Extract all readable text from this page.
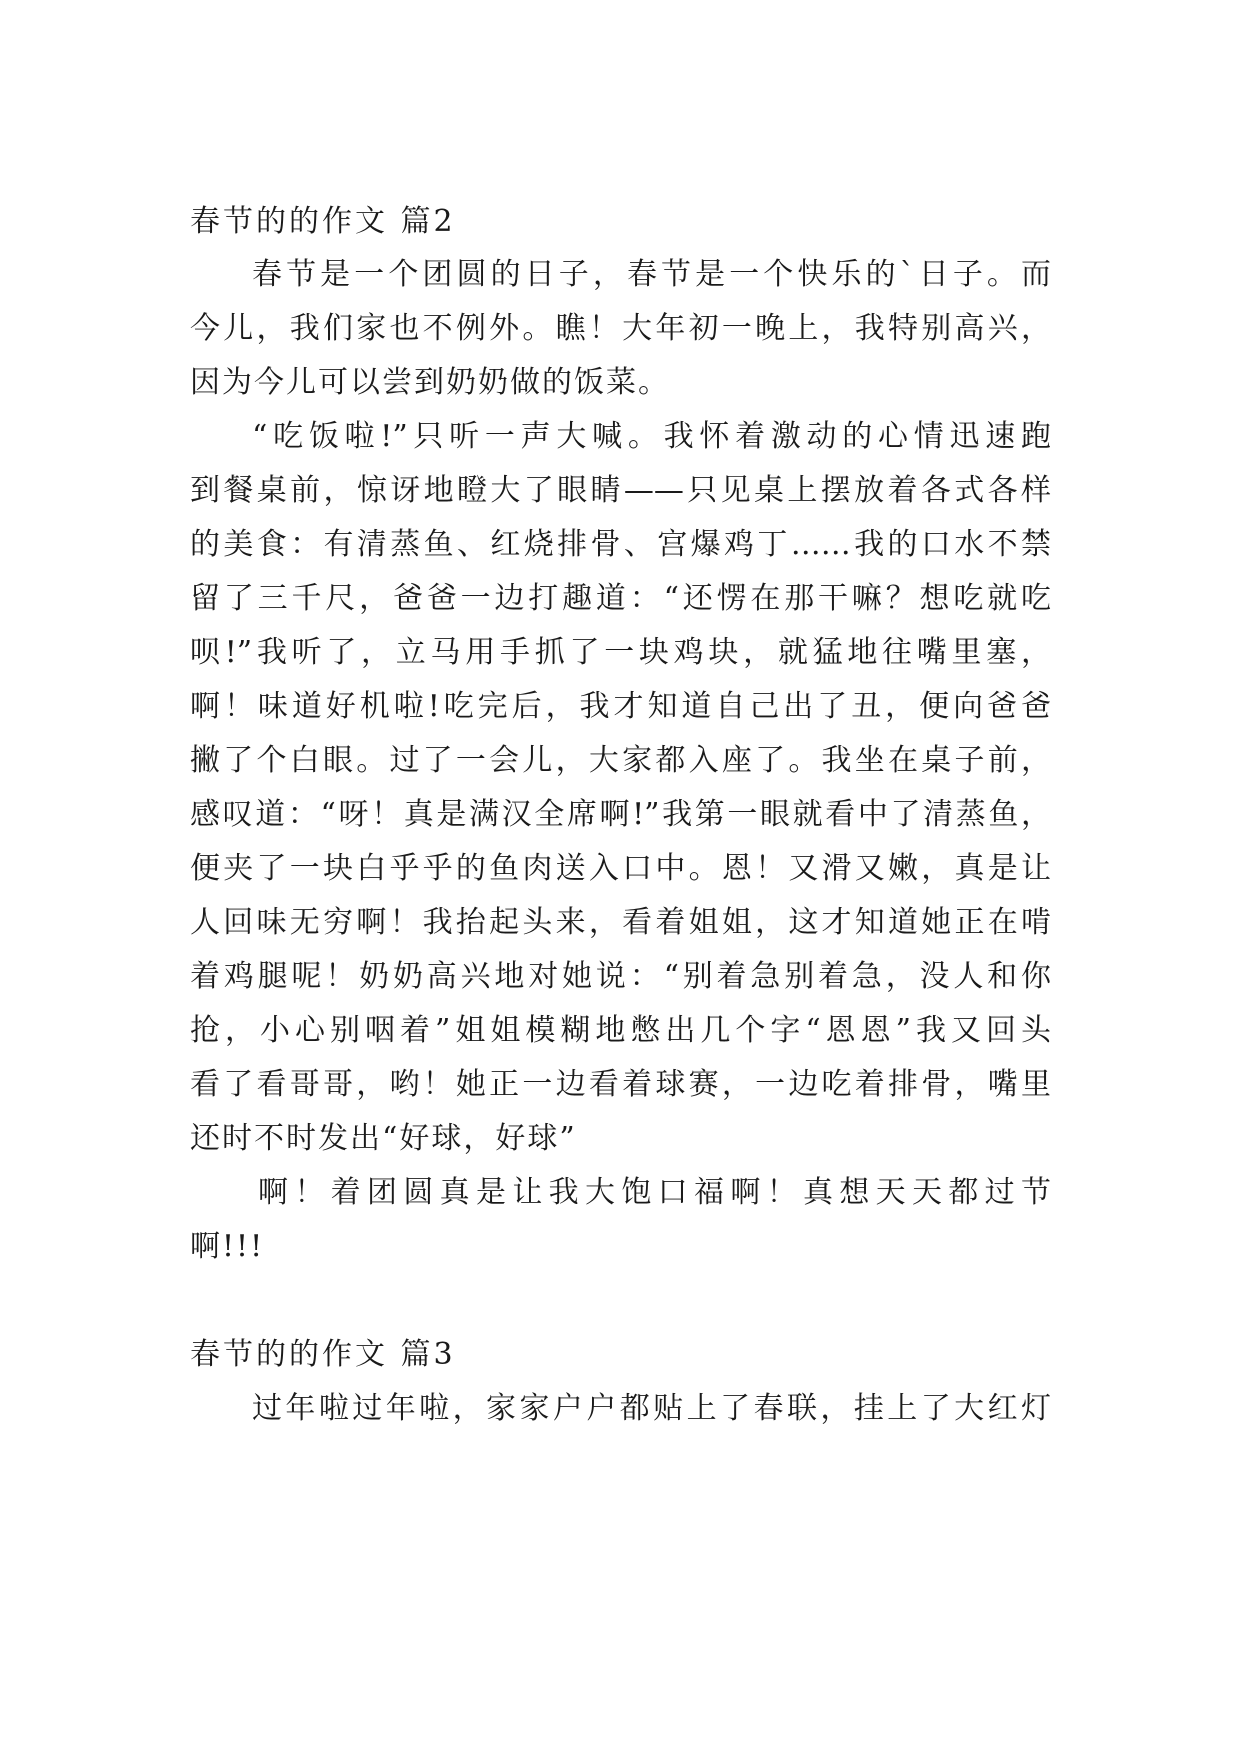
春节的的作文 篇2
春节是一个团圆的日子，春节是一个快乐的`日子。而
今儿，我们家也不例外。瞧！大年初一晚上，我特别高兴，
因为今儿可以尝到奶奶做的饭菜。
“吃饭啦!”只听一声大喊。我怀着激动的心情迅速跑
到餐桌前，惊讶地瞪大了眼睛——只见桌上摆放着各式各样
的美食：有清蒸鱼、红烧排骨、宫爆鸡丁……我的口水不禁
留了三千尺，爸爸一边打趣道：“还愣在那干嘛？想吃就吃
呗!”我听了，立马用手抓了一块鸡块，就猛地往嘴里塞，
啊！味道好机啦!吃完后，我才知道自己出了丑，便向爸爸
撇了个白眼。过了一会儿，大家都入座了。我坐在桌子前，
感叹道：“呀！真是满汉全席啊!”我第一眼就看中了清蒸鱼，
便夹了一块白乎乎的鱼肉送入口中。恩！又滑又嫩，真是让
人回味无穷啊！我抬起头来，看着姐姐，这才知道她正在啃
着鸡腿呢！奶奶高兴地对她说：“别着急别着急，没人和你
抢，小心别咽着”姐姐模糊地憋出几个字“恩恩”我又回头
看了看哥哥，哟！她正一边看着球赛，一边吃着排骨，嘴里
还时不时发出“好球，好球”
啊！着团圆真是让我大饱口福啊！真想天天都过节
啊!!!
春节的的作文 篇3
过年啦过年啦，家家户户都贴上了春联，挂上了大红灯
